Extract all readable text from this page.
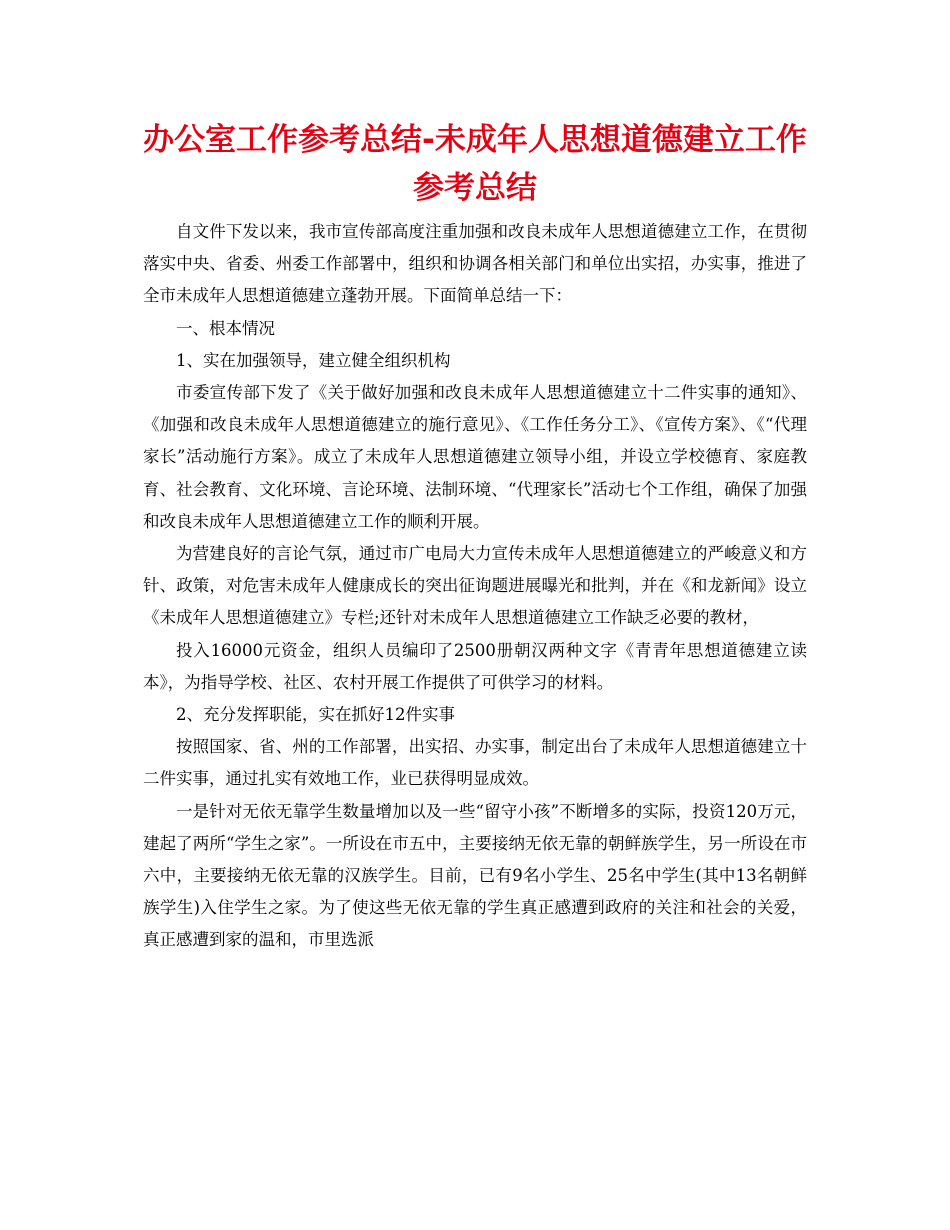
办公室工作参考总结-未成年人思想道德建立工作
参考总结

自文件下发以来，我市宣传部高度注重加强和改良未成年人思想道德建立工作，在贯彻落实中央、省委、州委工作部署中，组织和协调各相关部门和单位出实招，办实事，推进了全市未成年人思想道德建立蓬勃开展。下面简单总结一下：

一、根本情况

1、实在加强领导，建立健全组织机构

市委宣传部下发了《关于做好加强和改良未成年人思想道德建立十二件实事的通知》、《加强和改良未成年人思想道德建立的施行意见》、《工作任务分工》、《宣传方案》、《“代理家长”活动施行方案》。成立了未成年人思想道德建立领导小组，并设立学校德育、家庭教育、社会教育、文化环境、言论环境、法制环境、“代理家长”活动七个工作组，确保了加强和改良未成年人思想道德建立工作的顺利开展。

为营建良好的言论气氛，通过市广电局大力宣传未成年人思想道德建立的严峻意义和方针、政策，对危害未成年人健康成长的突出征询题进展曝光和批判，并在《和龙新闻》设立《未成年人思想道德建立》专栏;还针对未成年人思想道德建立工作缺乏必要的教材，

投入16000元资金，组织人员编印了2500册朝汉两种文字《青青年思想道德建立读本》，为指导学校、社区、农村开展工作提供了可供学习的材料。

2、充分发挥职能，实在抓好12件实事

按照国家、省、州的工作部署，出实招、办实事，制定出台了未成年人思想道德建立十二件实事，通过扎实有效地工作，业已获得明显成效。

一是针对无依无靠学生数量增加以及一些“留守小孩”不断增多的实际，投资120万元，建起了两所“学生之家”。一所设在市五中，主要接纳无依无靠的朝鲜族学生，另一所设在市六中，主要接纳无依无靠的汉族学生。目前，已有9名小学生、25名中学生(其中13名朝鲜族学生)入住学生之家。为了使这些无依无靠的学生真正感遭到政府的关注和社会的关爱，真正感遭到家的温和，市里选派
